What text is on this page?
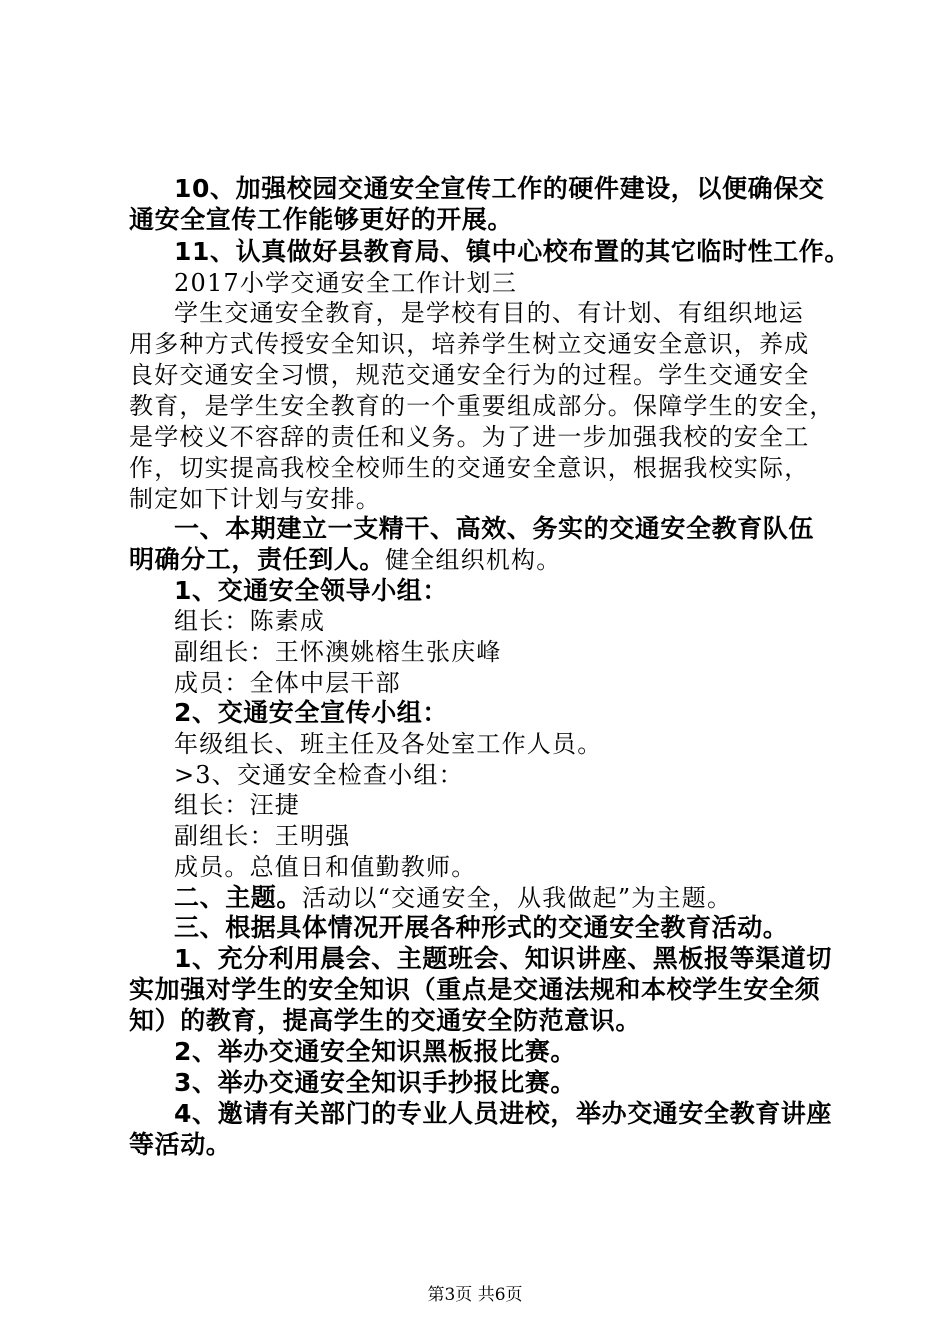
10、加强校园交通安全宣传工作的硬件建设，以便确保交
通安全宣传工作能够更好的开展。
11、认真做好县教育局、镇中心校布置的其它临时性工作。
2017小学交通安全工作计划三
学生交通安全教育，是学校有目的、有计划、有组织地运
用多种方式传授安全知识，培养学生树立交通安全意识，养成
良好交通安全习惯，规范交通安全行为的过程。学生交通安全
教育，是学生安全教育的一个重要组成部分。保障学生的安全，
是学校义不容辞的责任和义务。为了进一步加强我校的安全工
作，切实提高我校全校师生的交通安全意识，根据我校实际，
制定如下计划与安排。
一、本期建立一支精干、高效、务实的交通安全教育队伍
明确分工，责任到人。健全组织机构。
1、交通安全领导小组：
组长：陈素成
副组长：王怀澳姚榕生张庆峰
成员：全体中层干部
2、交通安全宣传小组：
年级组长、班主任及各处室工作人员。
>3、交通安全检查小组：
组长：汪捷
副组长：王明强
成员。总值日和值勤教师。
二、主题。活动以“交通安全，从我做起”为主题。
三、根据具体情况开展各种形式的交通安全教育活动。
1、充分利用晨会、主题班会、知识讲座、黑板报等渠道切
实加强对学生的安全知识（重点是交通法规和本校学生安全须
知）的教育，提高学生的交通安全防范意识。
2、举办交通安全知识黑板报比赛。
3、举办交通安全知识手抄报比赛。
4、邀请有关部门的专业人员进校，举办交通安全教育讲座
等活动。
第3页 共6页
